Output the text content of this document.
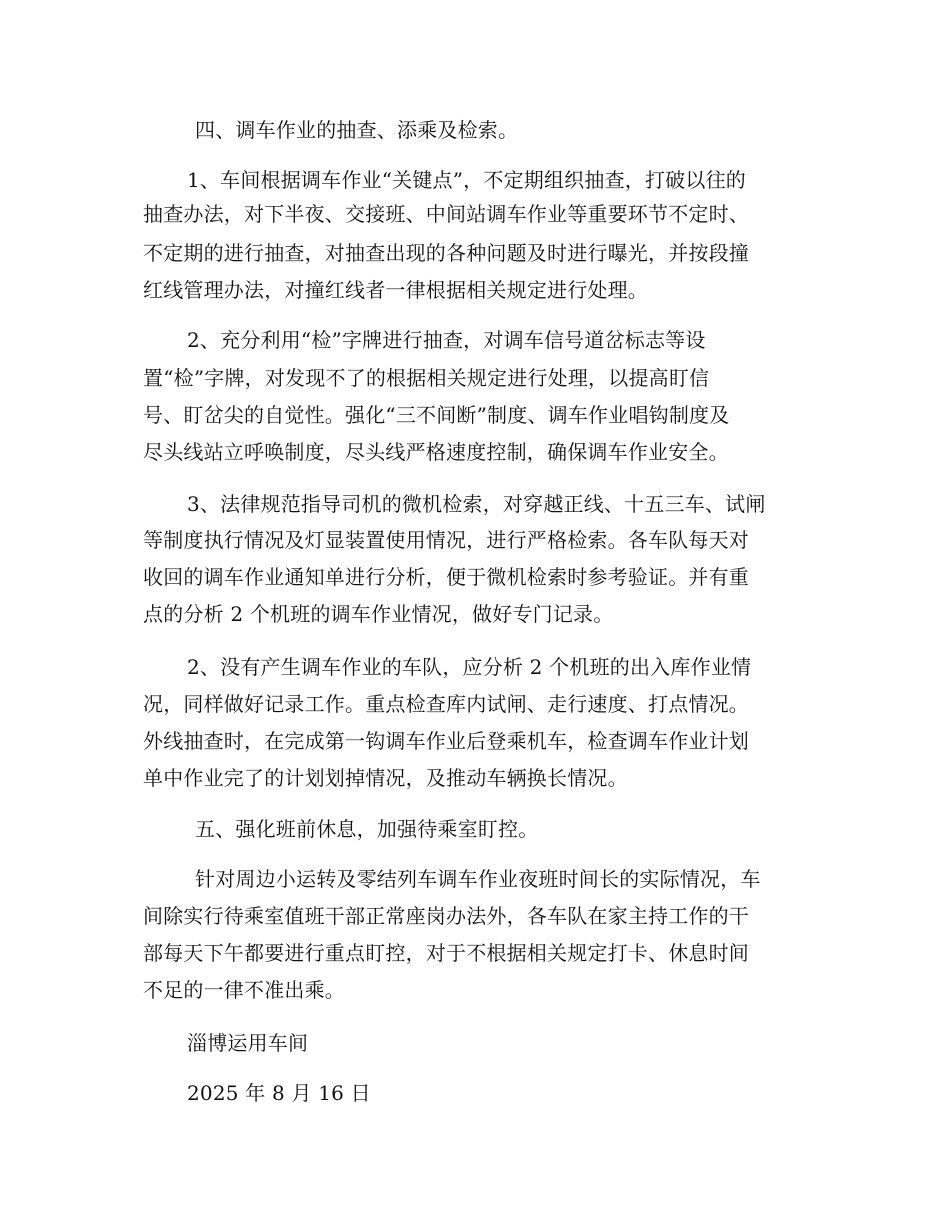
四、调车作业的抽查、添乘及检索。
1、车间根据调车作业“关键点”，不定期组织抽查，打破以往的
抽查办法，对下半夜、交接班、中间站调车作业等重要环节不定时、
不定期的进行抽查，对抽查出现的各种问题及时进行曝光，并按段撞
红线管理办法，对撞红线者一律根据相关规定进行处理。
2、充分利用“检”字牌进行抽查，对调车信号道岔标志等设
置“检”字牌，对发现不了的根据相关规定进行处理，以提高盯信
号、盯岔尖的自觉性。强化“三不间断”制度、调车作业唱钩制度及
尽头线站立呼唤制度，尽头线严格速度控制，确保调车作业安全。
3、法律规范指导司机的微机检索，对穿越正线、十五三车、试闸
等制度执行情况及灯显装置使用情况，进行严格检索。各车队每天对
收回的调车作业通知单进行分析，便于微机检索时参考验证。并有重
点的分析 2 个机班的调车作业情况，做好专门记录。
2、没有产生调车作业的车队，应分析 2 个机班的出入库作业情
况，同样做好记录工作。重点检查库内试闸、走行速度、打点情况。
外线抽查时，在完成第一钩调车作业后登乘机车，检查调车作业计划
单中作业完了的计划划掉情况，及推动车辆换长情况。
五、强化班前休息，加强待乘室盯控。
针对周边小运转及零结列车调车作业夜班时间长的实际情况，车
间除实行待乘室值班干部正常座岗办法外，各车队在家主持工作的干
部每天下午都要进行重点盯控，对于不根据相关规定打卡、休息时间
不足的一律不准出乘。
淄博运用车间
2025 年 8 月 16 日
